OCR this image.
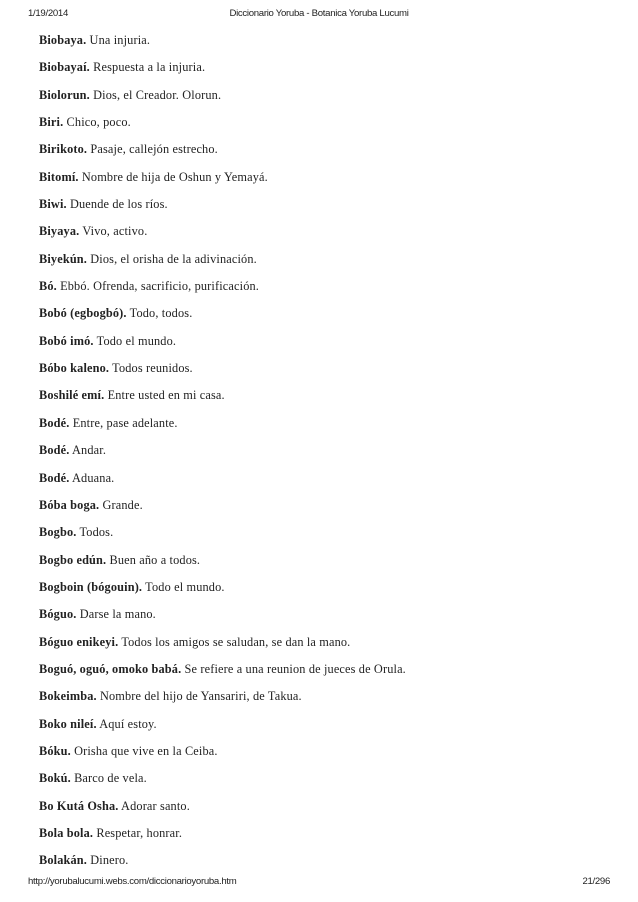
1/19/2014	Diccionario Yoruba - Botanica Yoruba Lucumi
Biobaya. Una injuria.
Biobayaí. Respuesta a la injuria.
Biolorun. Dios, el Creador. Olorun.
Biri. Chico, poco.
Birikoto. Pasaje, callejón estrecho.
Bitomí. Nombre de hija de Oshun y Yemayá.
Biwi. Duende de los ríos.
Biyaya. Vivo, activo.
Biyekún. Dios, el orisha de la adivinación.
Bó. Ebbó. Ofrenda, sacrificio, purificación.
Bobó (egbogbó). Todo, todos.
Bobó imó. Todo el mundo.
Bóbo kaleno. Todos reunidos.
Boshilé emí. Entre usted en mi casa.
Bodé. Entre, pase adelante.
Bodé. Andar.
Bodé. Aduana.
Bóba boga. Grande.
Bogbo. Todos.
Bogbo edún. Buen año a todos.
Bogboin (bógouin). Todo el mundo.
Bóguo. Darse la mano.
Bóguo enikeyi. Todos los amigos se saludan, se dan la mano.
Boguó, oguó, omoko babá. Se refiere a una reunion de jueces de Orula.
Bokeimba. Nombre del hijo de Yansariri, de Takua.
Boko nileí. Aquí estoy.
Bóku. Orisha que vive en la Ceiba.
Bokú. Barco de vela.
Bo Kutá Osha. Adorar santo.
Bola bola. Respetar, honrar.
Bolakán. Dinero.
http://yorubalucumi.webs.com/diccionarioyoruba.htm	21/296
